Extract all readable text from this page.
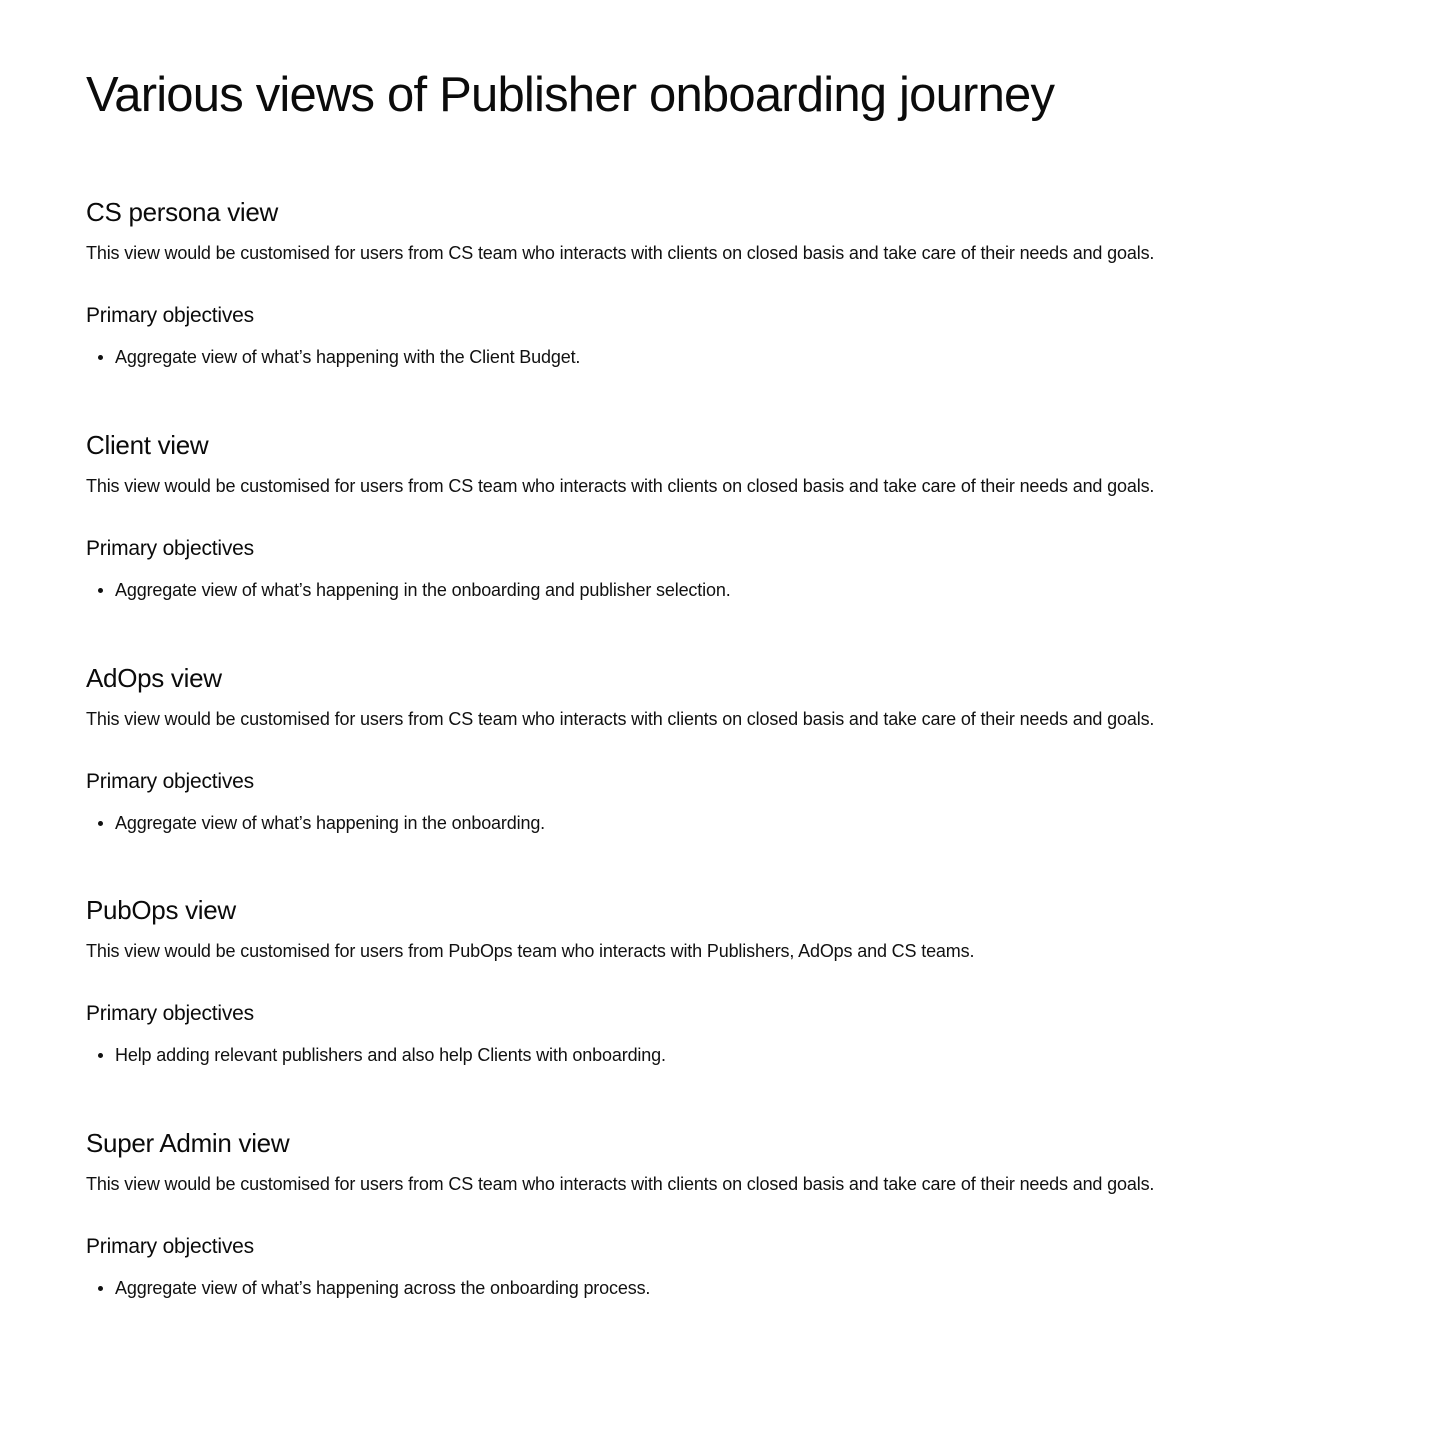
Various views of Publisher onboarding journey
CS persona view

This view would be customised for users from CS team who interacts with clients on closed basis and take care of their needs and goals.

Primary objectives
Aggregate view of what’s happening with the Client Budget.
Client view

This view would be customised for users from CS team who interacts with clients on closed basis and take care of their needs and goals.

Primary objectives
Aggregate view of what’s happening in the onboarding and publisher selection.
AdOps view

This view would be customised for users from CS team who interacts with clients on closed basis and take care of their needs and goals.

Primary objectives
Aggregate view of what’s happening in the onboarding.
PubOps view

This view would be customised for users from PubOps team who interacts with Publishers, AdOps and CS teams.

Primary objectives
Help adding relevant publishers and also help Clients with onboarding.
Super Admin view

This view would be customised for users from CS team who interacts with clients on closed basis and take care of their needs and goals.

Primary objectives
Aggregate view of what’s happening across the onboarding process.
